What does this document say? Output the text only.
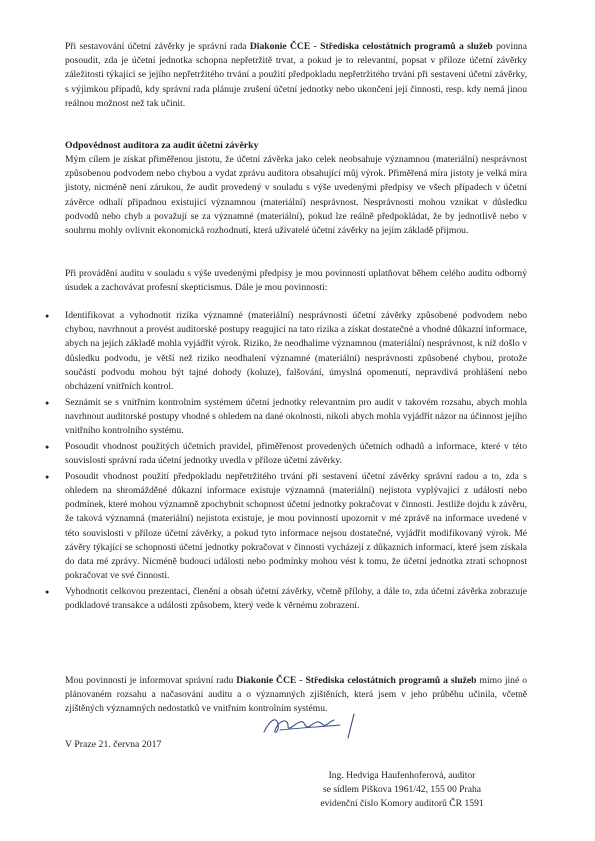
Při sestavování účetní závěrky je správní rada Diakonie ČCE - Střediska celostátních programů a služeb povinna posoudit, zda je účetní jednotka schopna nepřetržitě trvat, a pokud je to relevantní, popsat v příloze účetní závěrky záležitosti týkající se jejího nepřetržitého trvání a použití předpokladu nepřetržitého trvání při sestavení účetní závěrky, s výjimkou případů, kdy správní rada plánuje zrušení účetní jednotky nebo ukončení její činnosti, resp. kdy nemá jinou reálnou možnost než tak učinit.

Odpovědnost auditora za audit účetní závěrky

Mým cílem je získat přiměřenou jistotu, že účetní závěrka jako celek neobsahuje významnou (materiální) nesprávnost způsobenou podvodem nebo chybou a vydat zprávu auditora obsahující můj výrok. Přiměřená míra jistoty je velká míra jistoty, nicméně není zárukou, že audit provedený v souladu s výše uvedenými předpisy ve všech případech v účetní závěrce odhalí případnou existující významnou (materiální) nesprávnost. Nesprávnosti mohou vznikat v důsledku podvodů nebo chyb a považují se za významné (materiální), pokud lze reálně předpokládat, že by jednotlivě nebo v souhrnu mohly ovlivnit ekonomická rozhodnutí, která uživatelé účetní závěrky na jejím základě přijmou.

Při provádění auditu v souladu s výše uvedenými předpisy je mou povinností uplatňovat během celého auditu odborný úsudek a zachovávat profesní skepticismus. Dále je mou povinností:

● Identifikovat a vyhodnotit rizika významné (materiální) nesprávnosti účetní závěrky způsobené podvodem nebo chybou, navrhnout a provést auditorské postupy reagující na tato rizika a získat dostatečné a vhodné důkazní informace, abych na jejich základě mohla vyjádřit výrok. Riziko, že neodhalíme významnou (materiální) nesprávnost, k níž došlo v důsledku podvodu, je větší než riziko neodhalení významné (materiální) nesprávnosti způsobené chybou, protože součástí podvodu mohou být tajné dohody (koluze), falšování, úmyslná opomenutí, nepravdivá prohlášení nebo obcházení vnitřních kontrol.
● Seznámit se s vnitřním kontrolním systémem účetní jednotky relevantním pro audit v takovém rozsahu, abych mohla navrhnout auditorské postupy vhodné s ohledem na dané okolnosti, nikoli abych mohla vyjádřit názor na účinnost jejího vnitřního kontrolního systému.
● Posoudit vhodnost použitých účetních pravidel, přiměřenost provedených účetních odhadů a informace, které v této souvislosti správní rada účetní jednotky uvedla v příloze účetní závěrky.
● Posoudit vhodnost použití předpokladu nepřetržitého trvání při sestavení účetní závěrky správní radou a to, zda s ohledem na shromážděné důkazní informace existuje významná (materiální) nejistota vyplývající z událostí nebo podmínek, které mohou významně zpochybnit schopnost účetní jednotky pokračovat v činnosti. Jestliže dojdu k závěru, že taková významná (materiální) nejistota existuje, je mou povinností upozornit v mé zprávě na informace uvedené v této souvislosti v příloze účetní závěrky, a pokud tyto informace nejsou dostatečné, vyjádřit modifikovaný výrok. Mé závěry týkající se schopnosti účetní jednotky pokračovat v činnosti vycházejí z důkazních informací, které jsem získala do data mé zprávy. Nicméně budoucí události nebo podmínky mohou vést k tomu, že účetní jednotka ztratí schopnost pokračovat ve své činnosti.
● Vyhodnotit celkovou prezentaci, členění a obsah účetní závěrky, včetně přílohy, a dále to, zda účetní závěrka zobrazuje podkladové transakce a události způsobem, který vede k věrnému zobrazení.

Mou povinností je informovat správní radu Diakonie ČCE - Střediska celostátních programů a služeb mimo jiné o plánovaném rozsahu a načasování auditu a o významných zjištěních, která jsem v jeho průběhu učinila, včetně zjištěných významných nedostatků ve vnitřním kontrolním systému.

V Praze 21. června 2017
Ing. Hedviga Haufenhoferová, auditor
se sídlem Piškova 1961/42, 155 00 Praha
evidenční číslo Komory auditorů ČR 1591
